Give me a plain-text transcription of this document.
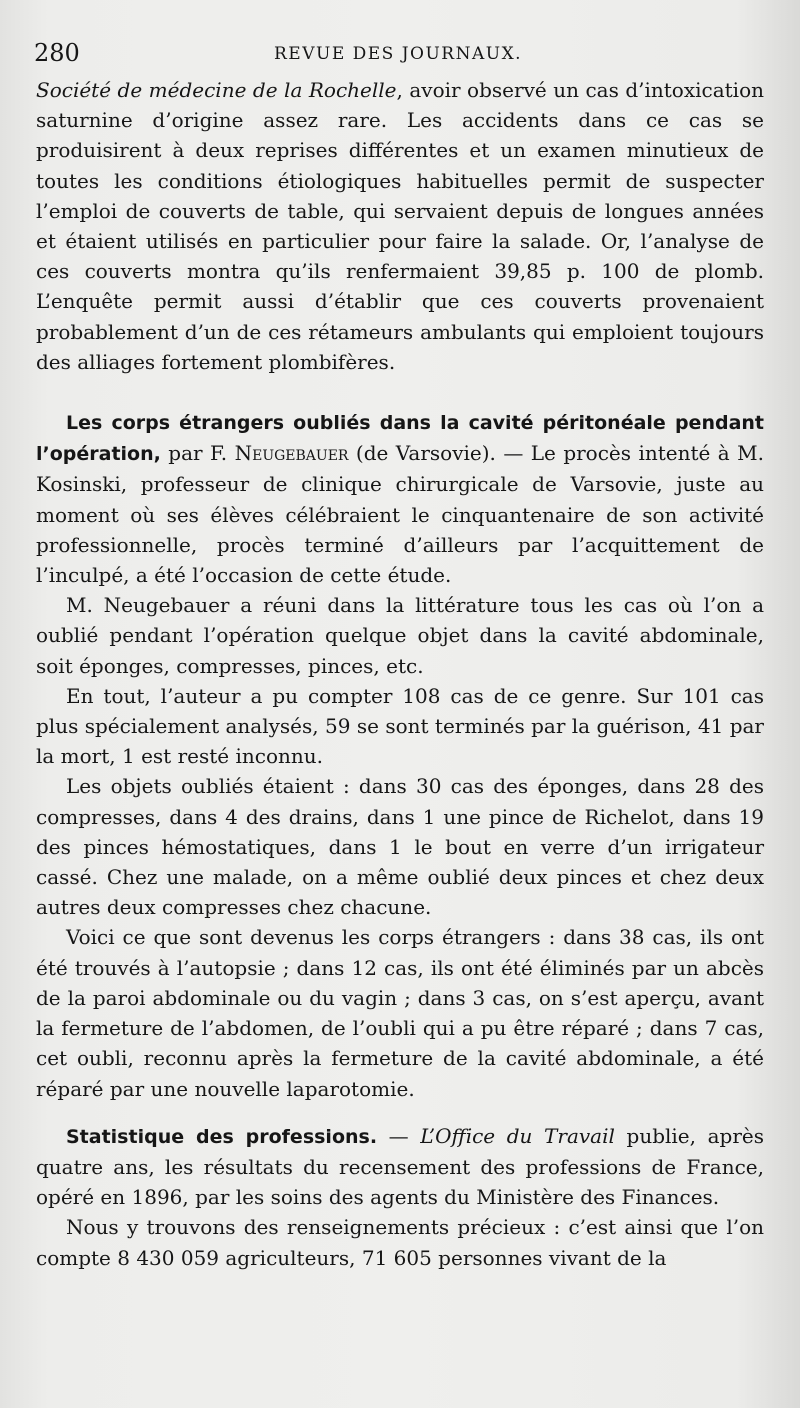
280	REVUE DES JOURNAUX.

Société de médecine de la Rochelle, avoir observé un cas d’intoxication saturnine d’origine assez rare. Les accidents dans ce cas se produisirent à deux reprises différentes et un examen minutieux de toutes les conditions étiologiques habituelles permit de suspecter l’emploi de couverts de table, qui servaient depuis de longues années et étaient utilisés en particulier pour faire la salade. Or, l’analyse de ces couverts montra qu’ils renfermaient 39,85 p. 100 de plomb. L’enquête permit aussi d’établir que ces couverts provenaient probablement d’un de ces rétameurs ambulants qui emploient toujours des alliages fortement plombifères.

Les corps étrangers oubliés dans la cavité péritonéale pendant l’opération, par F. Neugebauer (de Varsovie). — Le procès intenté à M. Kosinski, professeur de clinique chirurgicale de Varsovie, juste au moment où ses élèves célébraient le cinquantenaire de son activité professionnelle, procès terminé d’ailleurs par l’acquittement de l’inculpé, a été l’occasion de cette étude.

M. Neugebauer a réuni dans la littérature tous les cas où l’on a oublié pendant l’opération quelque objet dans la cavité abdominale, soit éponges, compresses, pinces, etc.

En tout, l’auteur a pu compter 108 cas de ce genre. Sur 101 cas plus spécialement analysés, 59 se sont terminés par la guérison, 41 par la mort, 1 est resté inconnu.

Les objets oubliés étaient : dans 30 cas des éponges, dans 28 des compresses, dans 4 des drains, dans 1 une pince de Richelot, dans 19 des pinces hémostatiques, dans 1 le bout en verre d’un irrigateur cassé. Chez une malade, on a même oublié deux pinces et chez deux autres deux compresses chez chacune.

Voici ce que sont devenus les corps étrangers : dans 38 cas, ils ont été trouvés à l’autopsie ; dans 12 cas, ils ont été éliminés par un abcès de la paroi abdominale ou du vagin ; dans 3 cas, on s’est aperçu, avant la fermeture de l’abdomen, de l’oubli qui a pu être réparé ; dans 7 cas, cet oubli, reconnu après la fermeture de la cavité abdominale, a été réparé par une nouvelle laparotomie.

Statistique des professions. — L’Office du Travail publie, après quatre ans, les résultats du recensement des professions de France, opéré en 1896, par les soins des agents du Ministère des Finances.

Nous y trouvons des renseignements précieux : c’est ainsi que l’on compte 8 430 059 agriculteurs, 71 605 personnes vivant de la
